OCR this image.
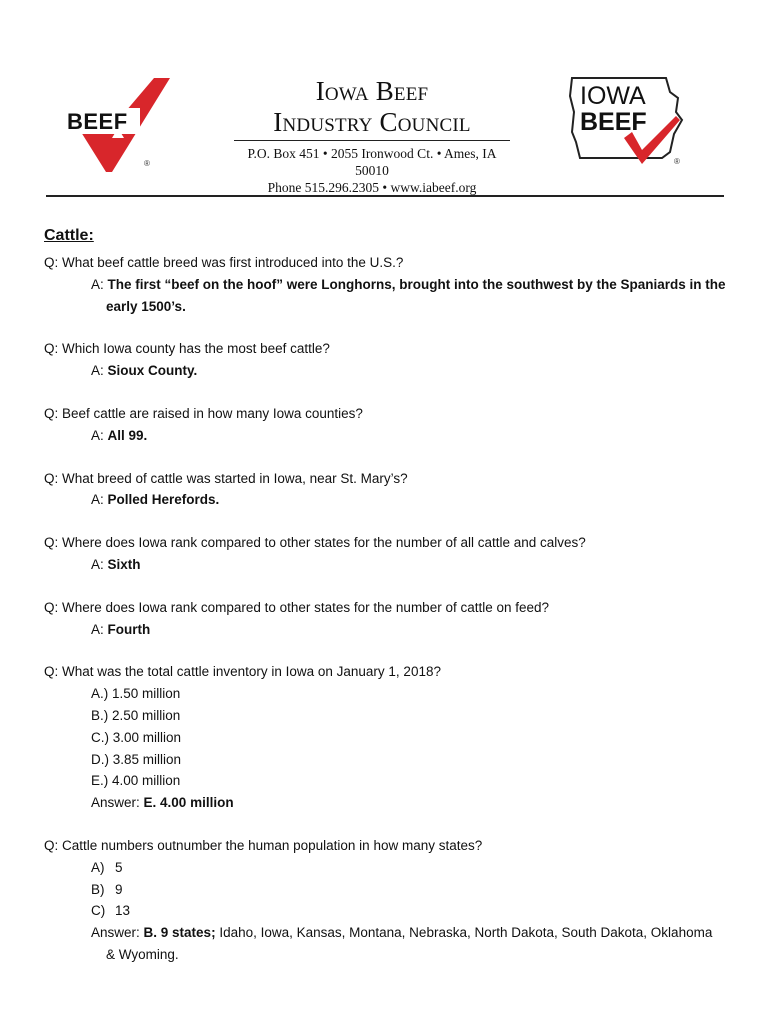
BEEF
®
Iowa Beef
Industry Council
P.O. Box 451 • 2055 Ironwood Ct. • Ames, IA 50010
Phone 515.296.2305 • www.iabeef.org
IOWA
BEEF
®
Cattle:
Q: What beef cattle breed was first introduced into the U.S.?
A: The first “beef on the hoof” were Longhorns, brought into the southwest by the Spaniards in the
early 1500’s.
Q: Which Iowa county has the most beef cattle?
A: Sioux County.
Q: Beef cattle are raised in how many Iowa counties?
A: All 99.
Q: What breed of cattle was started in Iowa, near St. Mary’s?
A: Polled Herefords.
Q: Where does Iowa rank compared to other states for the number of all cattle and calves?
A: Sixth
Q: Where does Iowa rank compared to other states for the number of cattle on feed?
A: Fourth
Q: What was the total cattle inventory in Iowa on January 1, 2018?
A.) 1.50 million
B.) 2.50 million
C.) 3.00 million
D.) 3.85 million
E.) 4.00 million
Answer: E. 4.00 million
Q: Cattle numbers outnumber the human population in how many states?
A) 5
B) 9
C) 13
Answer: B. 9 states; Idaho, Iowa, Kansas, Montana, Nebraska, North Dakota, South Dakota, Oklahoma
& Wyoming.
